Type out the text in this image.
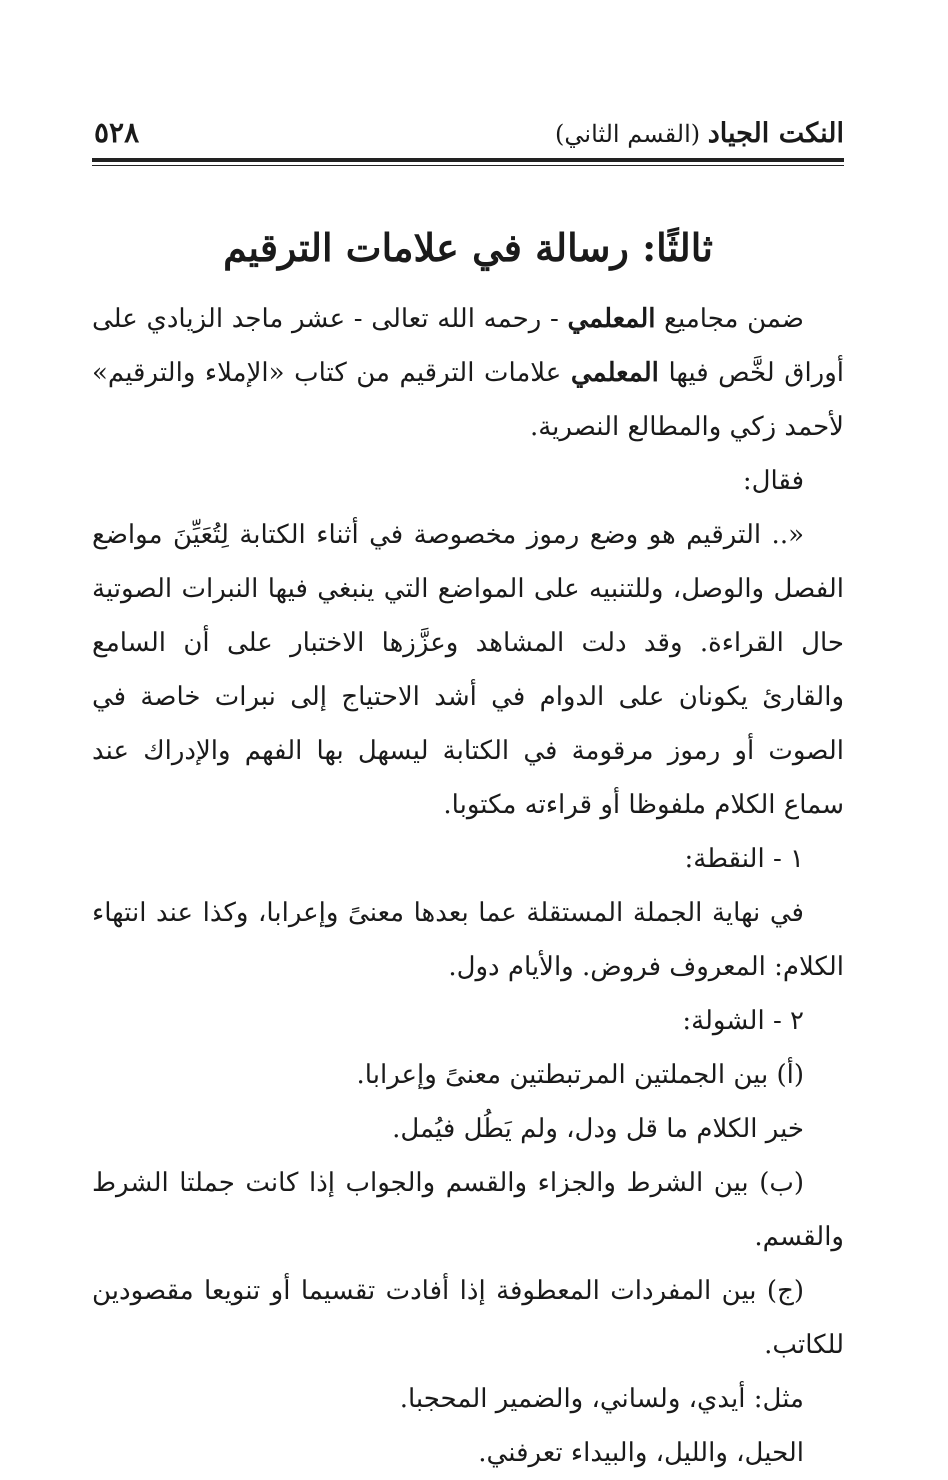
٥٢٨	النكت الجياد (القسم الثاني)
ثالثًا: رسالة في علامات الترقيم

ضمن مجاميع المعلمي - رحمه الله تعالى - عشر ماجد الزيادي على أوراق لخَّص فيها المعلمي علامات الترقيم من كتاب «الإملاء والترقيم» لأحمد زكي والمطالع النصرية.

فقال:

«.. الترقيم هو وضع رموز مخصوصة في أثناء الكتابة لِتُعَيِّنَ مواضع الفصل والوصل، وللتنبيه على المواضع التي ينبغي فيها النبرات الصوتية حال القراءة. وقد دلت المشاهد وعزَّزها الاختبار على أن السامع والقارئ يكونان على الدوام في أشد الاحتياج إلى نبرات خاصة في الصوت أو رموز مرقومة في الكتابة ليسهل بها الفهم والإدراك عند سماع الكلام ملفوظا أو قراءته مكتوبا.

١ - النقطة:

في نهاية الجملة المستقلة عما بعدها معنىً وإعرابا، وكذا عند انتهاء الكلام: المعروف فروض. والأيام دول.

٢ - الشولة:

(أ) بين الجملتين المرتبطتين معنىً وإعرابا.

خير الكلام ما قل ودل، ولم يَطُل فيُمل.

(ب) بين الشرط والجزاء والقسم والجواب إذا كانت جملتا الشرط والقسم.

(ج) بين المفردات المعطوفة إذا أفادت تقسيما أو تنويعا مقصودين للكاتب.

مثل: أيدي، ولساني، والضمير المحجبا.

الحيل، والليل، والبيداء تعرفني.
